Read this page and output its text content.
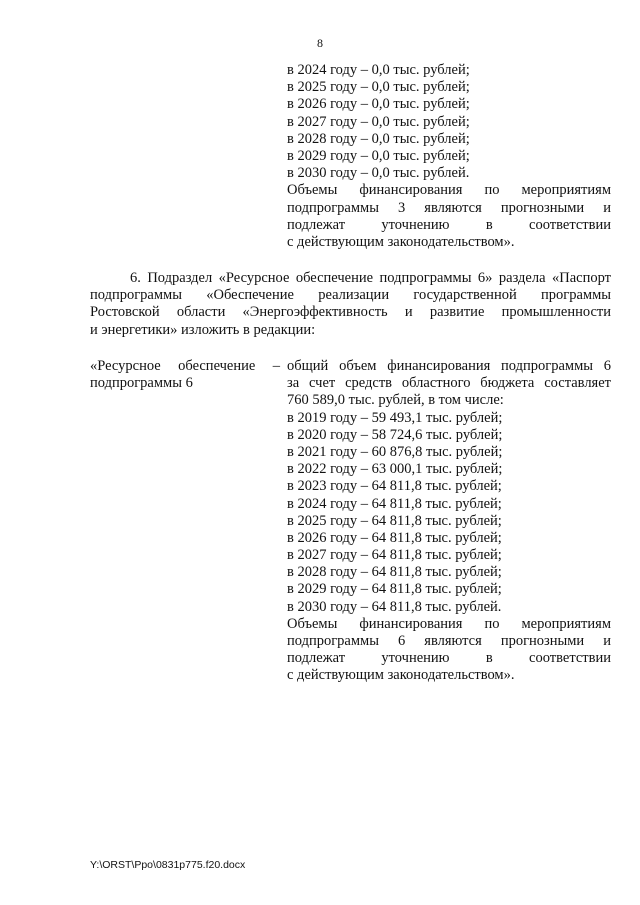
8
в 2024 году – 0,0 тыс. рублей;
в 2025 году – 0,0 тыс. рублей;
в 2026 году – 0,0 тыс. рублей;
в 2027 году – 0,0 тыс. рублей;
в 2028 году – 0,0 тыс. рублей;
в 2029 году – 0,0 тыс. рублей;
в 2030 году – 0,0 тыс. рублей.
Объемы финансирования по мероприятиям
подпрограммы 3 являются прогнозными и
подлежат уточнению в соответствии
с действующим законодательством».
6. Подраздел «Ресурсное обеспечение подпрограммы 6» раздела «Паспорт
подпрограммы «Обеспечение реализации государственной программы
Ростовской области «Энергоэффективность и развитие промышленности
и энергетики» изложить в редакции:
«Ресурсное обеспечение –
подпрограммы 6
общий объем финансирования подпрограммы 6
за счет средств областного бюджета составляет
760 589,0 тыс. рублей, в том числе:
в 2019 году – 59 493,1 тыс. рублей;
в 2020 году – 58 724,6 тыс. рублей;
в 2021 году – 60 876,8 тыс. рублей;
в 2022 году – 63 000,1 тыс. рублей;
в 2023 году – 64 811,8 тыс. рублей;
в 2024 году – 64 811,8 тыс. рублей;
в 2025 году – 64 811,8 тыс. рублей;
в 2026 году – 64 811,8 тыс. рублей;
в 2027 году – 64 811,8 тыс. рублей;
в 2028 году – 64 811,8 тыс. рублей;
в 2029 году – 64 811,8 тыс. рублей;
в 2030 году – 64 811,8 тыс. рублей.
Объемы финансирования по мероприятиям
подпрограммы 6 являются прогнозными и
подлежат уточнению в соответствии
с действующим законодательством».
Y:\ORST\Ppo\0831p775.f20.docx
